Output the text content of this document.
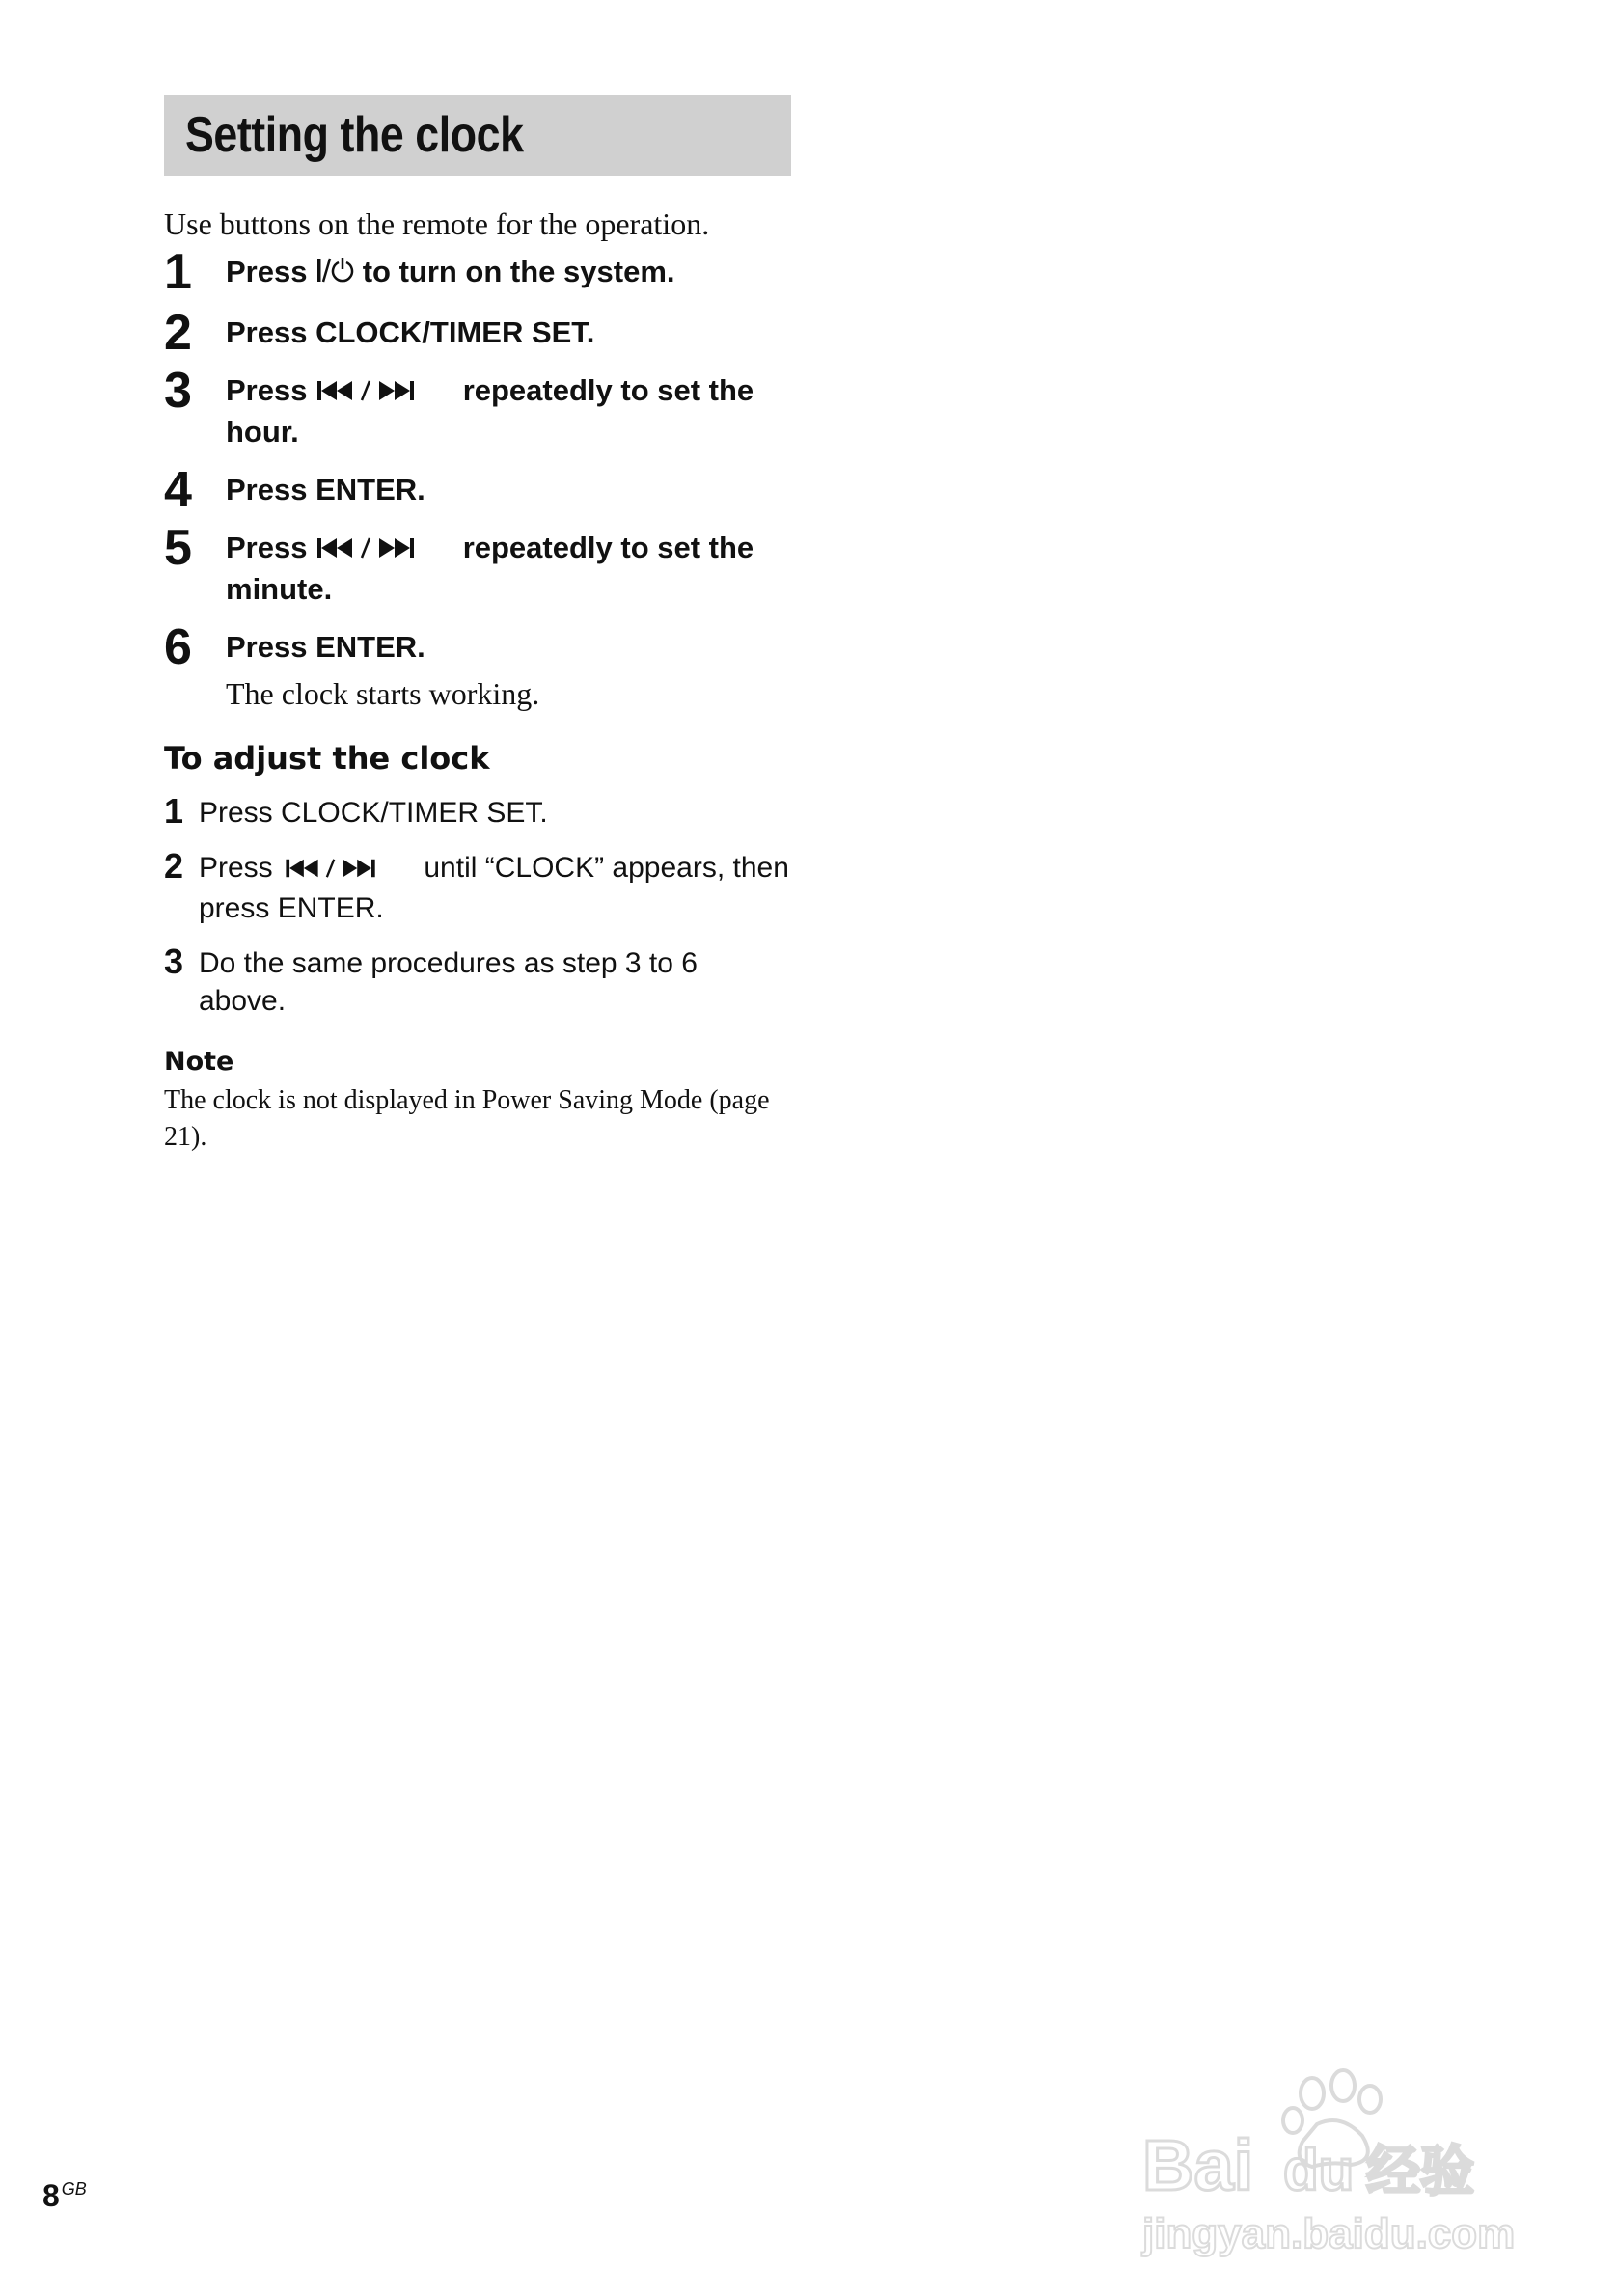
Setting the clock
Use buttons on the remote for the operation.
1 Press  to turn on the system.
2 Press CLOCK/TIMER SET.
3 Press	repeatedly to set the hour.
4 Press ENTER.
5 Press	repeatedly to set the minute.
6 Press ENTER.
The clock starts working.
To adjust the clock
1 Press CLOCK/TIMER SET.
2 Press	until “CLOCK” appears, then press ENTER.
3 Do the same procedures as step 3 to 6 above.
Note
The clock is not displayed in Power Saving Mode (page 21).
8 $^{GB}$	Bai du 经验
jingyan.baidu.com
